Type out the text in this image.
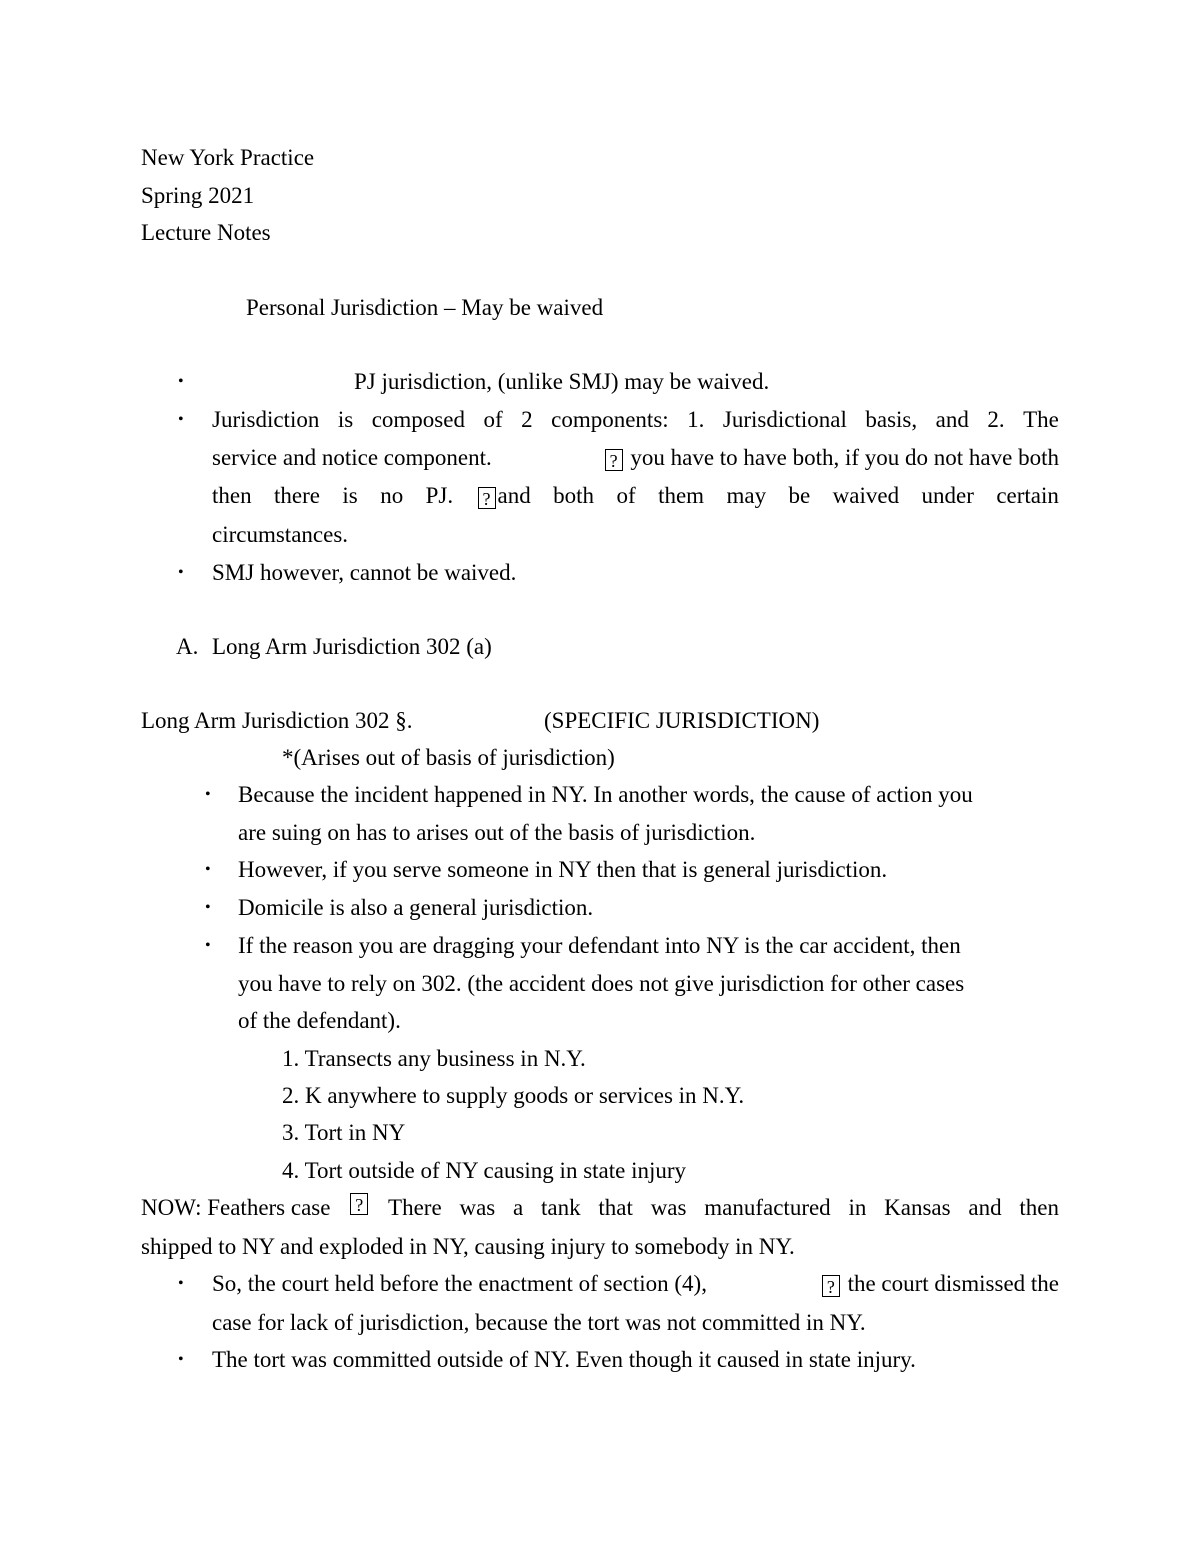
New York Practice
Spring 2021
Lecture Notes
Personal Jurisdiction – May be waived
•	PJ jurisdiction, (unlike SMJ) may be waived.
• Jurisdiction is composed of 2 components: 1. Jurisdictional basis, and 2. The
service and notice component.	? you have to have both, if you do not have both
then there is no PJ.	? and both of them may be waived under certain
circumstances.
• SMJ however, cannot be waived.
A. Long Arm Jurisdiction 302 (a)
Long Arm Jurisdiction 302 §.	(SPECIFIC JURISDICTION)
*(Arises out of basis of jurisdiction)
• Because the incident happened in NY. In another words, the cause of action you
are suing on has to arises out of the basis of jurisdiction.
• However, if you serve someone in NY then that is general jurisdiction.
• Domicile is also a general jurisdiction.
• If the reason you are dragging your defendant into NY is the car accident, then
you have to rely on 302. (the accident does not give jurisdiction for other cases
of the defendant).
1. Transects any business in N.Y.
2. K anywhere to supply goods or services in N.Y.
3. Tort in NY
4. Tort outside of NY causing in state injury
NOW: Feathers case ? There was a tank that was manufactured in Kansas and then
shipped to NY and exploded in NY, causing injury to somebody in NY.
• So, the court held before the enactment of section (4),	? the court dismissed the
case for lack of jurisdiction, because the tort was not committed in NY.
• The tort was committed outside of NY. Even though it caused in state injury.
